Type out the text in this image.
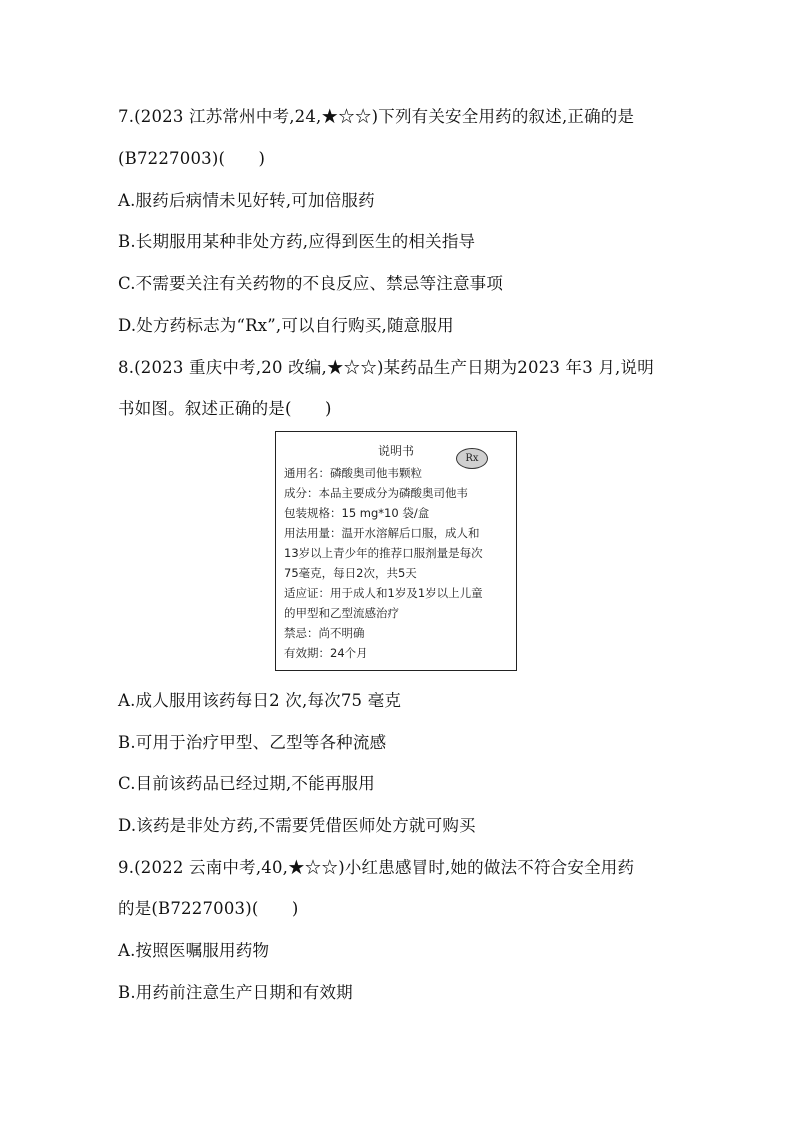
7.(2023 江苏常州中考,24,★☆☆)下列有关安全用药的叙述,正确的是
(B7227003)(　　)
A.服药后病情未见好转,可加倍服药
B.长期服用某种非处方药,应得到医生的相关指导
C.不需要关注有关药物的不良反应、禁忌等注意事项
D.处方药标志为“Rx”,可以自行购买,随意服用
8.(2023 重庆中考,20 改编,★☆☆)某药品生产日期为2023 年3 月,说明
书如图。叙述正确的是(　　)
说明书
Rx
通用名：磷酸奥司他韦颗粒
成分：本品主要成分为磷酸奥司他韦
包装规格：15 mg*10 袋/盒
用法用量：温开水溶解后口服，成人和
13岁以上青少年的推荐口服剂量是每次
75毫克，每日2次，共5天
适应证：用于成人和1岁及1岁以上儿童
的甲型和乙型流感治疗
禁忌：尚不明确
有效期：24个月
A.成人服用该药每日2 次,每次75 毫克
B.可用于治疗甲型、乙型等各种流感
C.目前该药品已经过期,不能再服用
D.该药是非处方药,不需要凭借医师处方就可购买
9.(2022 云南中考,40,★☆☆)小红患感冒时,她的做法不符合安全用药
的是(B7227003)(　　)
A.按照医嘱服用药物
B.用药前注意生产日期和有效期
